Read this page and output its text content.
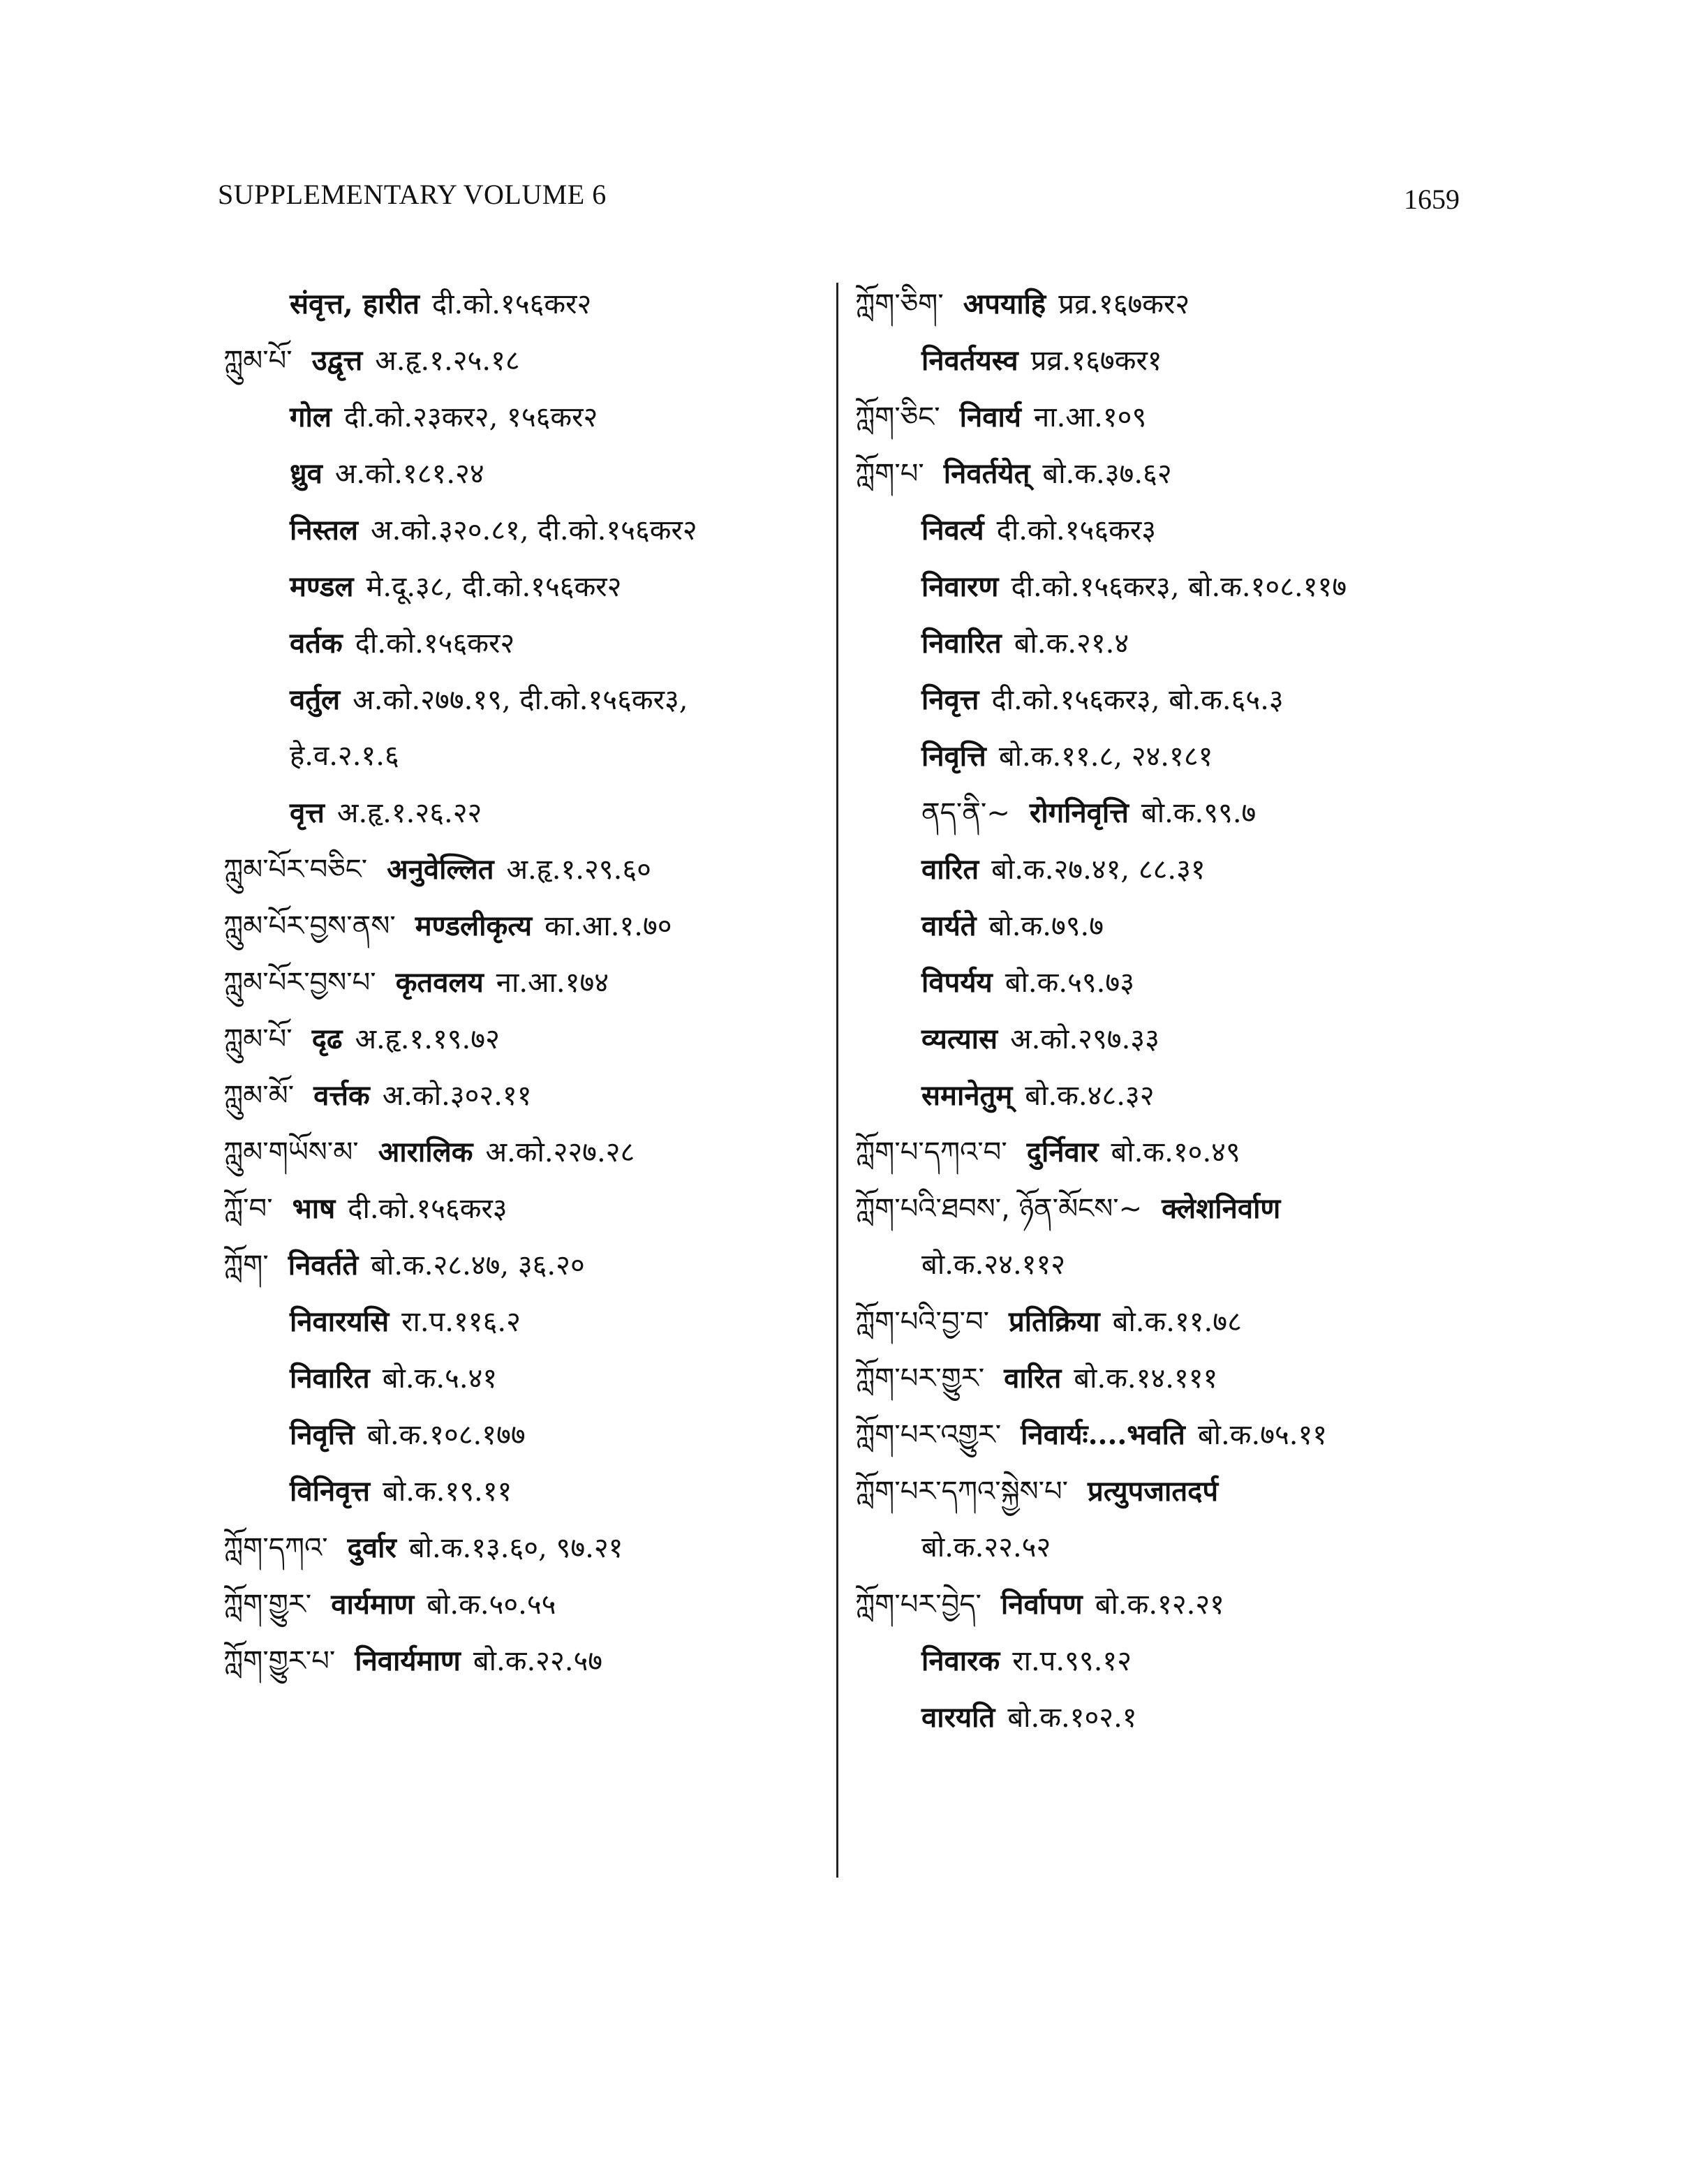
SUPPLEMENTARY VOLUME 6	1659
संवृत्त, हारीत दी.को.१५६कर२
ཀླུམ་པོ་ उद्वृत्त अ.हृ.१.२५.१८
गोल दी.को.२३कर२, १५६कर२
ध्रुव अ.को.१८१.२४
निस्तल अ.को.३२०.८१, दी.को.१५६कर२
मण्डल मे.दू.३८, दी.को.१५६कर२
वर्तक दी.को.१५६कर२
वर्तुल अ.को.२७७.१९, दी.को.१५६कर३,
हे.व.२.१.६
वृत्त अ.हृ.१.२६.२२
ཀླུམ་པོར་བཅིང་ अनुवेल्लित अ.हृ.१.२९.६०
ཀླུམ་པོར་བྱས་ནས་ मण्डलीकृत्य का.आ.१.७०
ཀླུམ་པོར་བྱས་པ་ कृतवलय ना.आ.१७४
ཀླུམ་པོ་ दृढ अ.हृ.१.१९.७२
ཀླུམ་མོ་ वर्त्तक अ.को.३०२.११
ཀླུམ་གཡོས་མ་ आरालिक अ.को.२२७.२८
ཀློ་བ་ भाष दी.को.१५६कर३
ཀློག་ निवर्तते बो.क.२८.४७, ३६.२०
निवारयसि रा.प.११६.२
निवारित बो.क.५.४१
निवृत्ति बो.क.१०८.१७७
विनिवृत्त बो.क.१९.११
ཀློག་དཀའ་ दुर्वार बो.क.१३.६०, ९७.२१
ཀློག་གྱུར་ वार्यमाण बो.क.५०.५५
ཀློག་གྱུར་པ་ निवार्यमाण बो.क.२२.५७
ཀློག་ཅིག་ अपयाहि प्रव्र.१६७कर२
निवर्तयस्व प्रव्र.१६७कर१
ཀློག་ཅིང་ निवार्य ना.आ.१०९
ཀློག་པ་ निवर्तयेत् बो.क.३७.६२
निवर्त्य दी.को.१५६कर३
निवारण दी.को.१५६कर३, बो.क.१०८.११७
निवारित बो.क.२१.४
निवृत्त दी.को.१५६कर३, बो.क.६५.३
निवृत्ति बो.क.११.८, २४.१८१
ནད་ནི་~ रोगनिवृत्ति बो.क.९९.७
वारित बो.क.२७.४१, ८८.३१
वार्यते बो.क.७९.७
विपर्यय बो.क.५९.७३
व्यत्यास अ.को.२९७.३३
समानेतुम् बो.क.४८.३२
ཀློག་པ་དཀའ་བ་ दुर्निवार बो.क.१०.४९
ཀློག་པའི་ཐབས་, ཉོན་མོངས་~ क्लेशनिर्वाण
बो.क.२४.११२
ཀློག་པའི་བྱ་བ་ प्रतिक्रिया बो.क.११.७८
ཀློག་པར་གྱུར་ वारित बो.क.१४.१११
ཀློག་པར་འགྱུར་ निवार्यः....भवति बो.क.७५.११
ཀློག་པར་དཀའ་སྐྱེས་པ་ प्रत्युपजातदर्प
बो.क.२२.५२
ཀློག་པར་བྱེད་ निर्वापण बो.क.१२.२१
निवारक रा.प.९९.१२
वारयति बो.क.१०२.१
